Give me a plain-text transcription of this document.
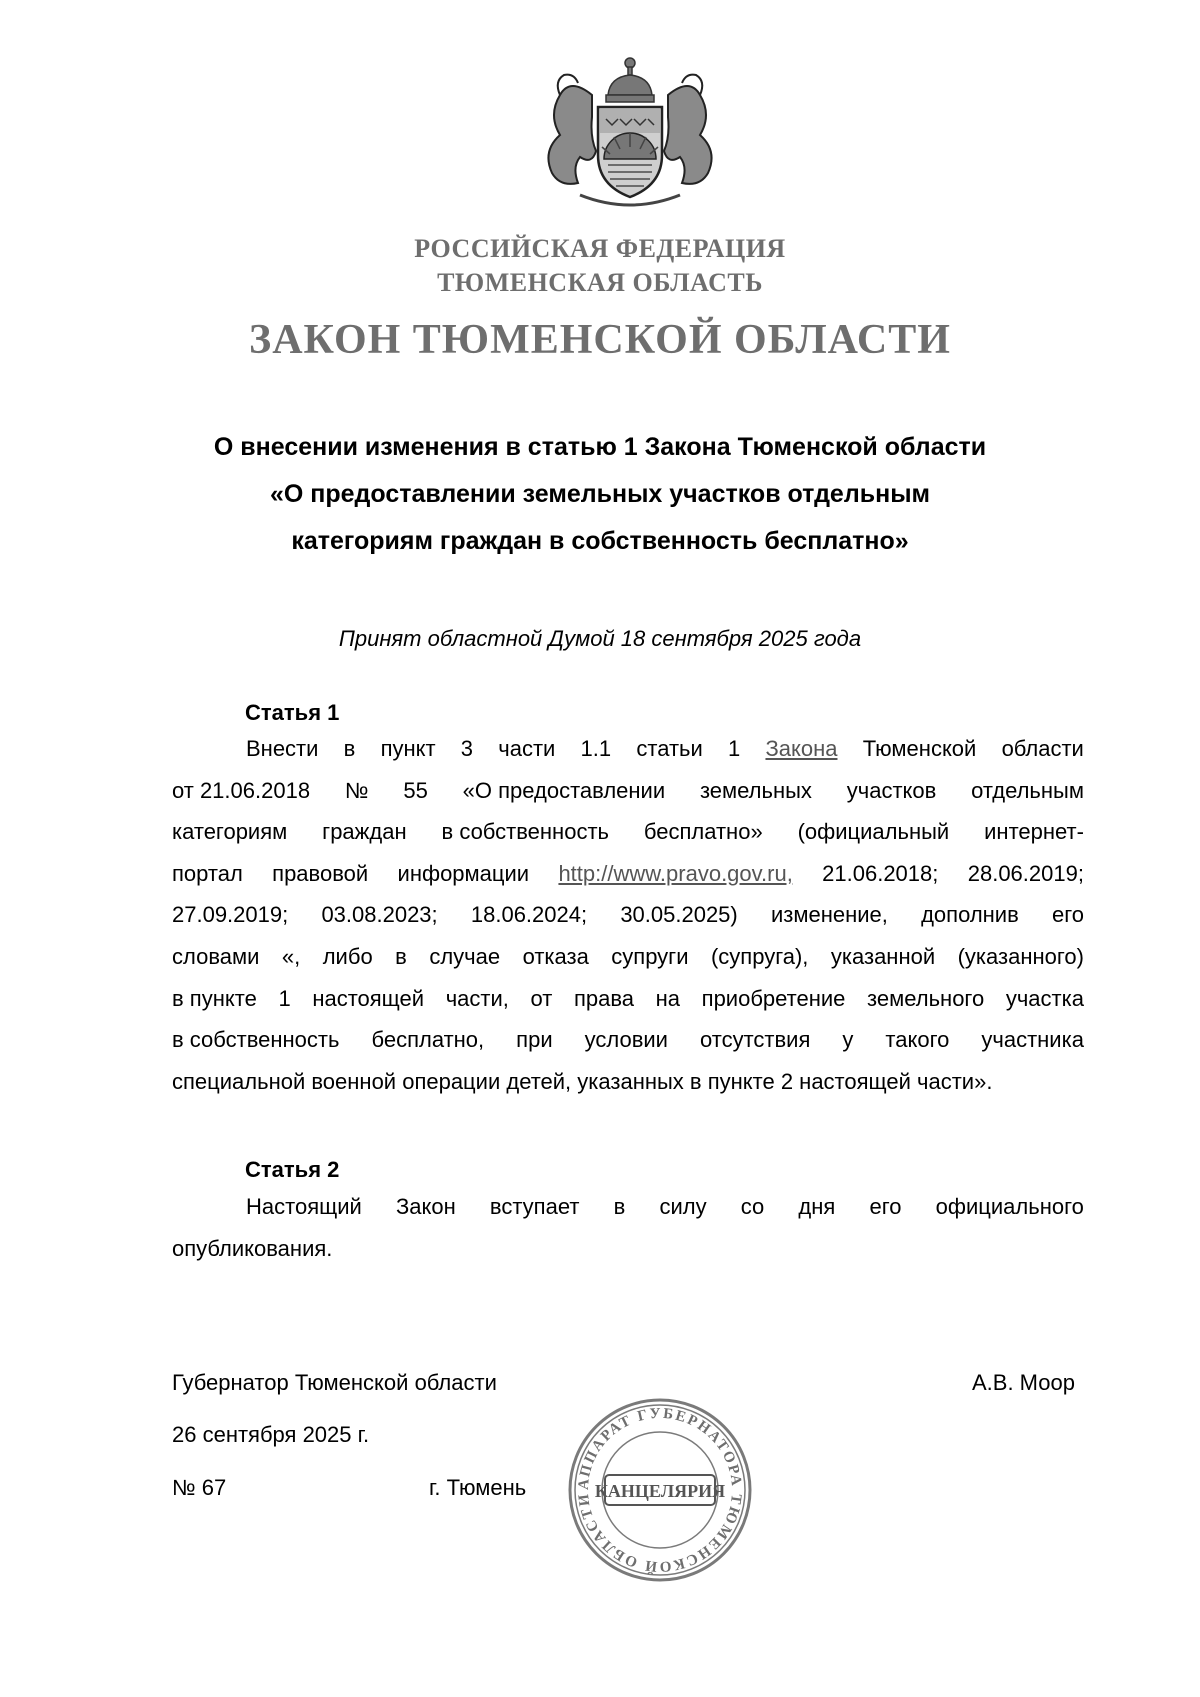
РОССИЙСКАЯ ФЕДЕРАЦИЯ
ТЮМЕНСКАЯ ОБЛАСТЬ
ЗАКОН ТЮМЕНСКОЙ ОБЛАСТИ
О внесении изменения в статью 1 Закона Тюменской области
«О предоставлении земельных участков отдельным
категориям граждан в собственность бесплатно»
Принят областной Думой 18 сентября 2025 года
Статья 1
Внести в пункт 3 части 1.1 статьи 1 Закона Тюменской области
от 21.06.2018 № 55 «О предоставлении земельных участков отдельным
категориям граждан в собственность бесплатно» (официальный интернет-
портал правовой информации http://www.pravo.gov.ru, 21.06.2018; 28.06.2019;
27.09.2019; 03.08.2023; 18.06.2024; 30.05.2025) изменение, дополнив его
словами «, либо в случае отказа супруги (супруга), указанной (указанного)
в пункте 1 настоящей части, от права на приобретение земельного участка
в собственность бесплатно, при условии отсутствия у такого участника
специальной военной операции детей, указанных в пункте 2 настоящей части».
Статья 2
Настоящий Закон вступает в силу со дня его официального
опубликования.
Губернатор Тюменской области	А.В. Моор
26 сентября 2025 г.
№ 67	г. Тюмень	АППАРАТ ГУБЕРНАТОРА ТЮМЕНСКОЙ ОБЛАСТИ КАНЦЕЛЯРИЯ
